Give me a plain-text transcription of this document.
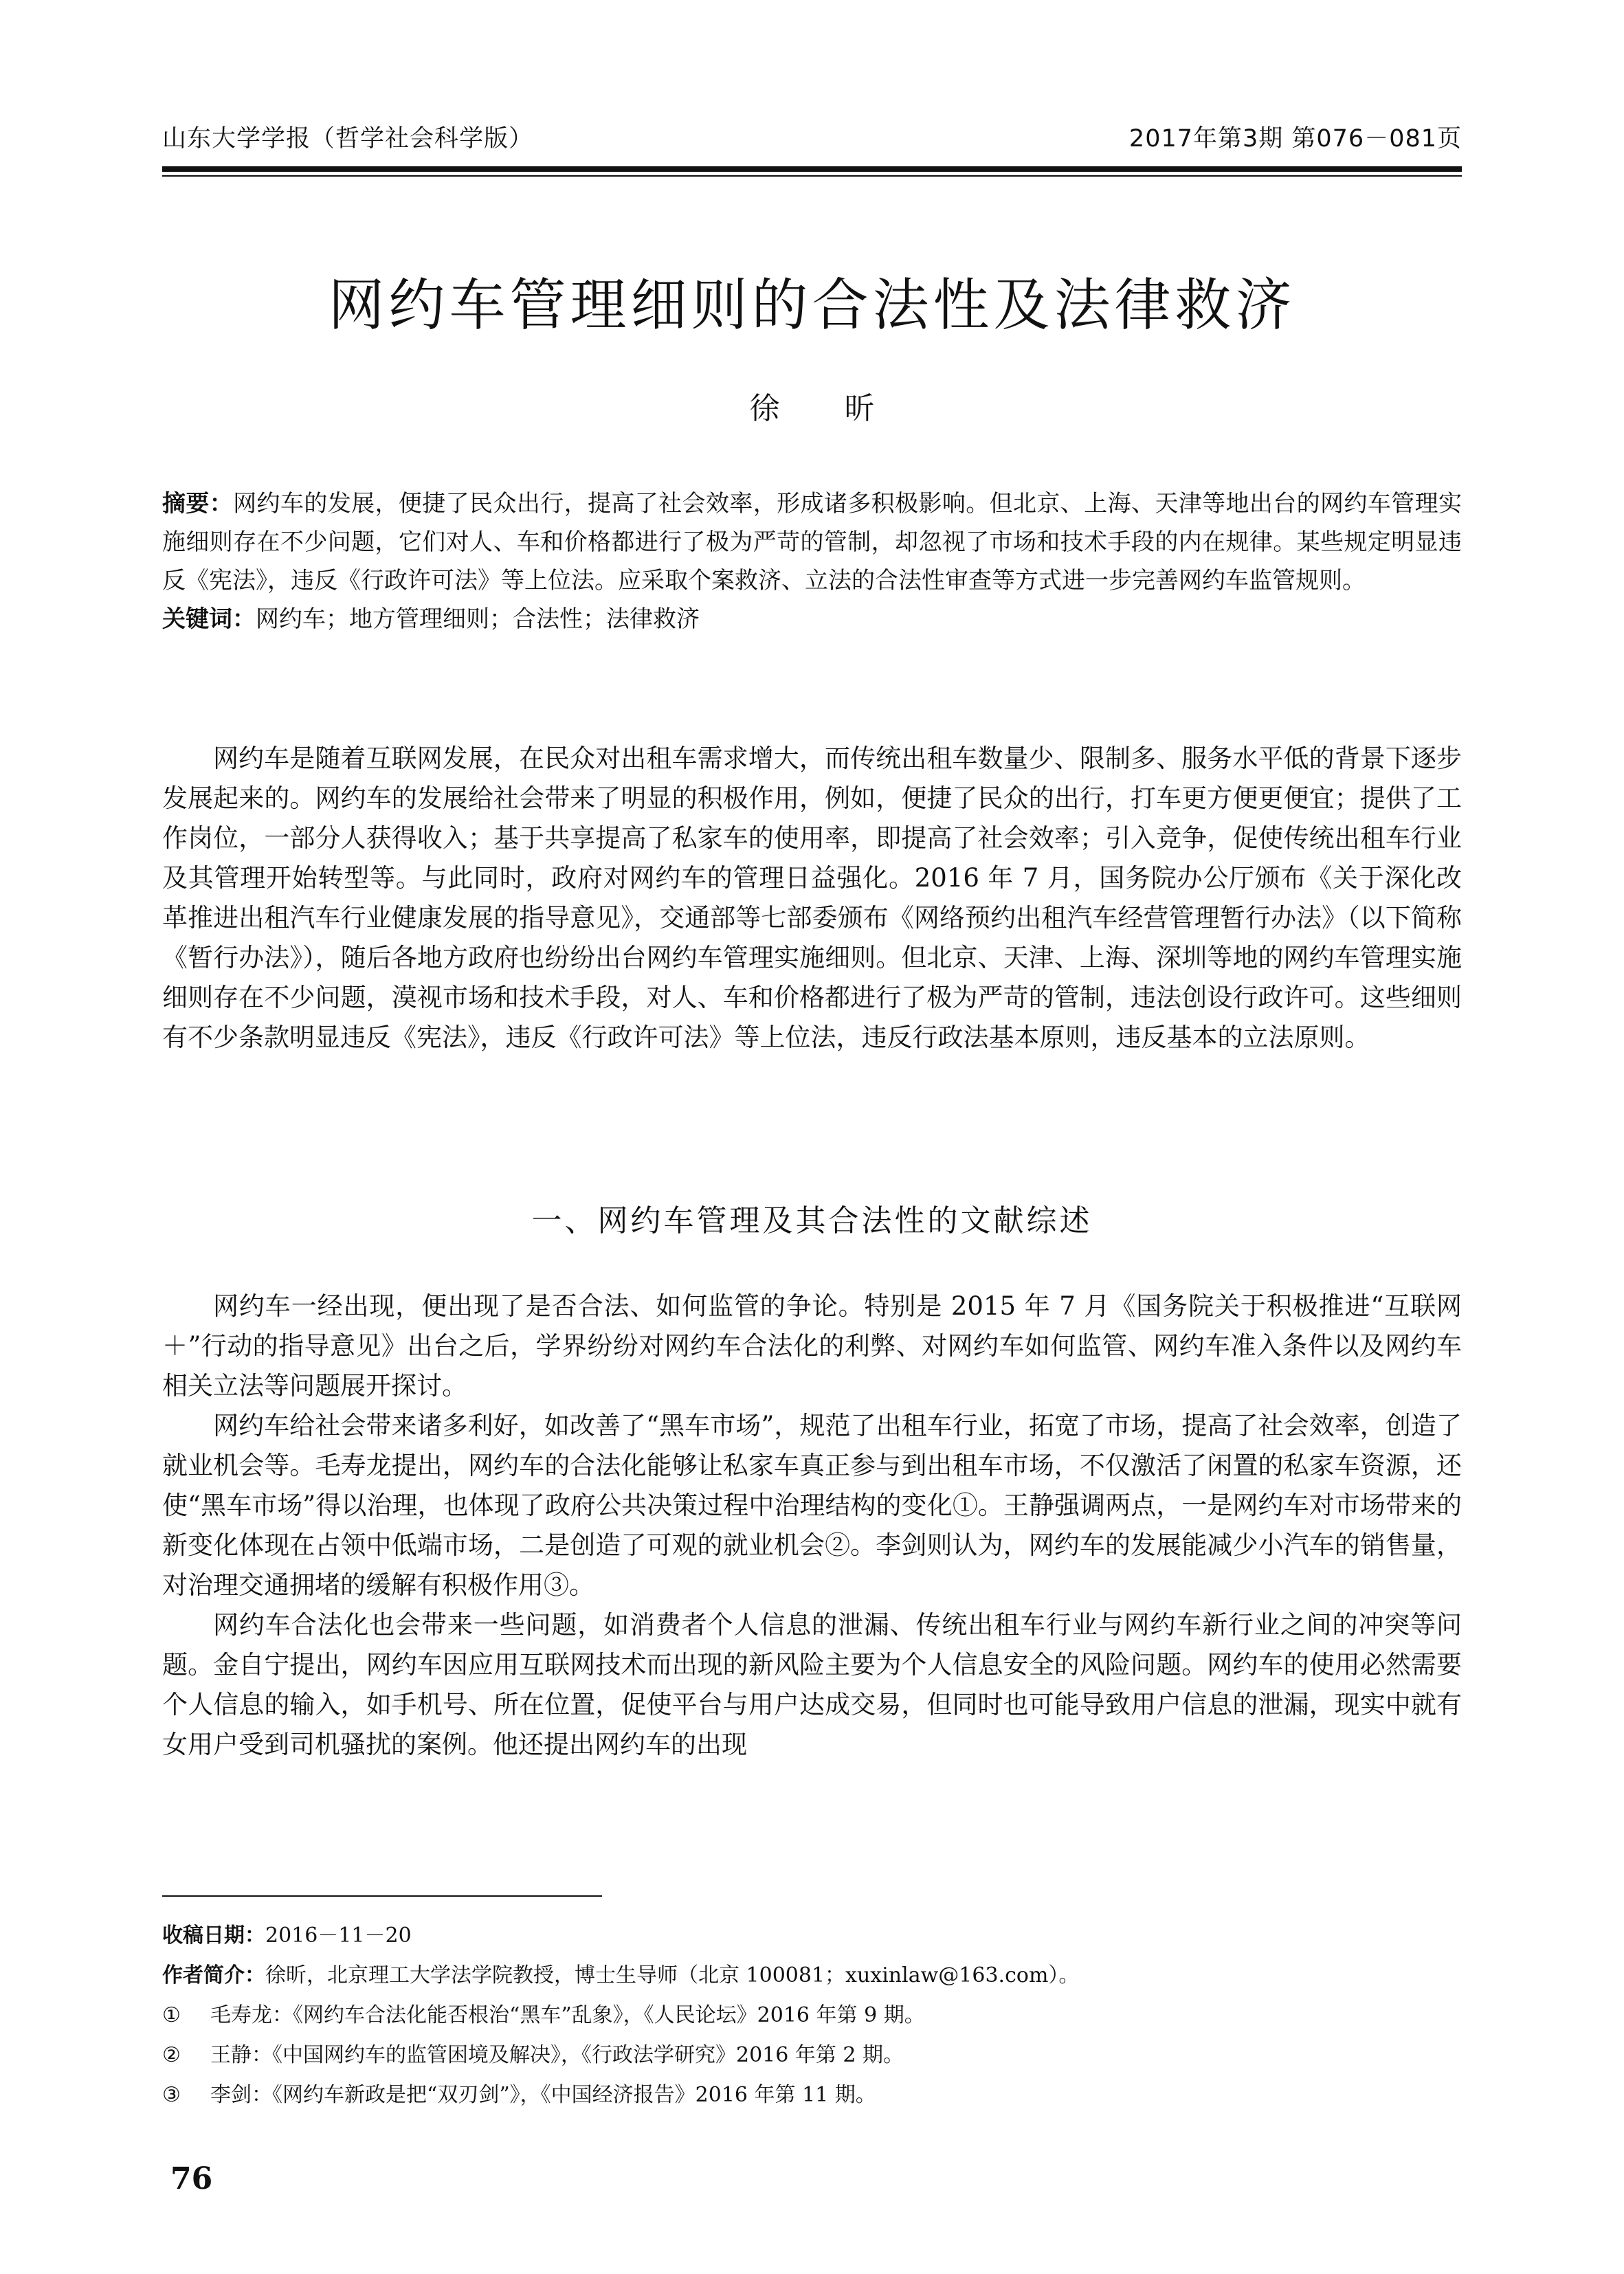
山东大学学报（哲学社会科学版）	2017年第3期 第076－081页
网约车管理细则的合法性及法律救济
徐 昕

摘要：网约车的发展，便捷了民众出行，提高了社会效率，形成诸多积极影响。但北京、上海、天津等地出台的网约车管理实施细则存在不少问题，它们对人、车和价格都进行了极为严苛的管制，却忽视了市场和技术手段的内在规律。某些规定明显违反《宪法》，违反《行政许可法》等上位法。应采取个案救济、立法的合法性审查等方式进一步完善网约车监管规则。

关键词：网约车；地方管理细则；合法性；法律救济

网约车是随着互联网发展，在民众对出租车需求增大，而传统出租车数量少、限制多、服务水平低的背景下逐步发展起来的。网约车的发展给社会带来了明显的积极作用，例如，便捷了民众的出行，打车更方便更便宜；提供了工作岗位，一部分人获得收入；基于共享提高了私家车的使用率，即提高了社会效率；引入竞争，促使传统出租车行业及其管理开始转型等。与此同时，政府对网约车的管理日益强化。2016 年 7 月，国务院办公厅颁布《关于深化改革推进出租汽车行业健康发展的指导意见》，交通部等七部委颁布《网络预约出租汽车经营管理暂行办法》（以下简称《暂行办法》），随后各地方政府也纷纷出台网约车管理实施细则。但北京、天津、上海、深圳等地的网约车管理实施细则存在不少问题，漠视市场和技术手段，对人、车和价格都进行了极为严苛的管制，违法创设行政许可。这些细则有不少条款明显违反《宪法》，违反《行政许可法》等上位法，违反行政法基本原则，违反基本的立法原则。

一、网约车管理及其合法性的文献综述

网约车一经出现，便出现了是否合法、如何监管的争论。特别是 2015 年 7 月《国务院关于积极推进“互联网＋”行动的指导意见》出台之后，学界纷纷对网约车合法化的利弊、对网约车如何监管、网约车准入条件以及网约车相关立法等问题展开探讨。

网约车给社会带来诸多利好，如改善了“黑车市场”，规范了出租车行业，拓宽了市场，提高了社会效率，创造了就业机会等。毛寿龙提出，网约车的合法化能够让私家车真正参与到出租车市场，不仅激活了闲置的私家车资源，还使“黑车市场”得以治理，也体现了政府公共决策过程中治理结构的变化①。王静强调两点，一是网约车对市场带来的新变化体现在占领中低端市场，二是创造了可观的就业机会②。李剑则认为，网约车的发展能减少小汽车的销售量，对治理交通拥堵的缓解有积极作用③。

网约车合法化也会带来一些问题，如消费者个人信息的泄漏、传统出租车行业与网约车新行业之间的冲突等问题。金自宁提出，网约车因应用互联网技术而出现的新风险主要为个人信息安全的风险问题。网约车的使用必然需要个人信息的输入，如手机号、所在位置，促使平台与用户达成交易，但同时也可能导致用户信息的泄漏，现实中就有女用户受到司机骚扰的案例。他还提出网约车的出现

收稿日期：2016－11－20

作者简介：徐昕，北京理工大学法学院教授，博士生导师（北京 100081；xuxinlaw@163.com）。

①	毛寿龙：《网约车合法化能否根治“黑车”乱象》，《人民论坛》2016 年第 9 期。
②	王静：《中国网约车的监管困境及解决》，《行政法学研究》2016 年第 2 期。
③	李剑：《网约车新政是把“双刃剑”》，《中国经济报告》2016 年第 11 期。
76
